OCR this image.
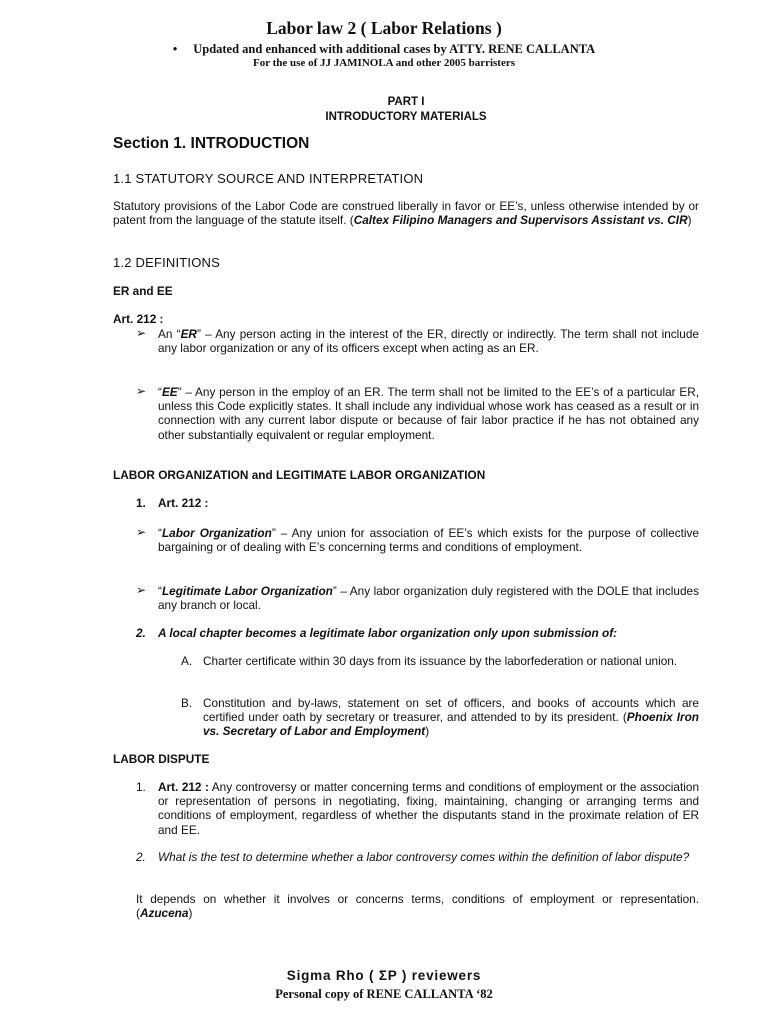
Labor law 2 ( Labor Relations )
• Updated and enhanced with additional cases by ATTY. RENE CALLANTA
For the use of JJ JAMINOLA and other 2005 barristers
PART I
INTRODUCTORY MATERIALS
Section 1. INTRODUCTION
1.1 STATUTORY SOURCE AND INTERPRETATION
Statutory provisions of the Labor Code are construed liberally in favor or EE’s, unless otherwise intended by or patent from the language of the statute itself. (Caltex Filipino Managers and Supervisors Assistant vs. CIR)
1.2 DEFINITIONS
ER and EE
Art. 212 :
➢ An “ER” – Any person acting in the interest of the ER, directly or indirectly. The term shall not include any labor organization or any of its officers except when acting as an ER.
➢ “EE” – Any person in the employ of an ER. The term shall not be limited to the EE’s of a particular ER, unless this Code explicitly states. It shall include any individual whose work has ceased as a result or in connection with any current labor dispute or because of fair labor practice if he has not obtained any other substantially equivalent or regular employment.
LABOR ORGANIZATION and LEGITIMATE LABOR ORGANIZATION
1. Art. 212 :
➢ “Labor Organization” – Any union for association of EE’s which exists for the purpose of collective bargaining or of dealing with E’s concerning terms and conditions of employment.
➢ “Legitimate Labor Organization” – Any labor organization duly registered with the DOLE that includes any branch or local.
2. A local chapter becomes a legitimate labor organization only upon submission of:
A. Charter certificate within 30 days from its issuance by the laborfederation or national union.
B. Constitution and by-laws, statement on set of officers, and books of accounts which are certified under oath by secretary or treasurer, and attended to by its president. (Phoenix Iron vs. Secretary of Labor and Employment)
LABOR DISPUTE
1. Art. 212 : Any controversy or matter concerning terms and conditions of employment or the association or representation of persons in negotiating, fixing, maintaining, changing or arranging terms and conditions of employment, regardless of whether the disputants stand in the proximate relation of ER and EE.
2. What is the test to determine whether a labor controversy comes within the definition of labor dispute?
It depends on whether it involves or concerns terms, conditions of employment or representation. (Azucena)
Sigma Rho ( ΣP ) reviewers
Personal copy of RENE CALLANTA ‘82
